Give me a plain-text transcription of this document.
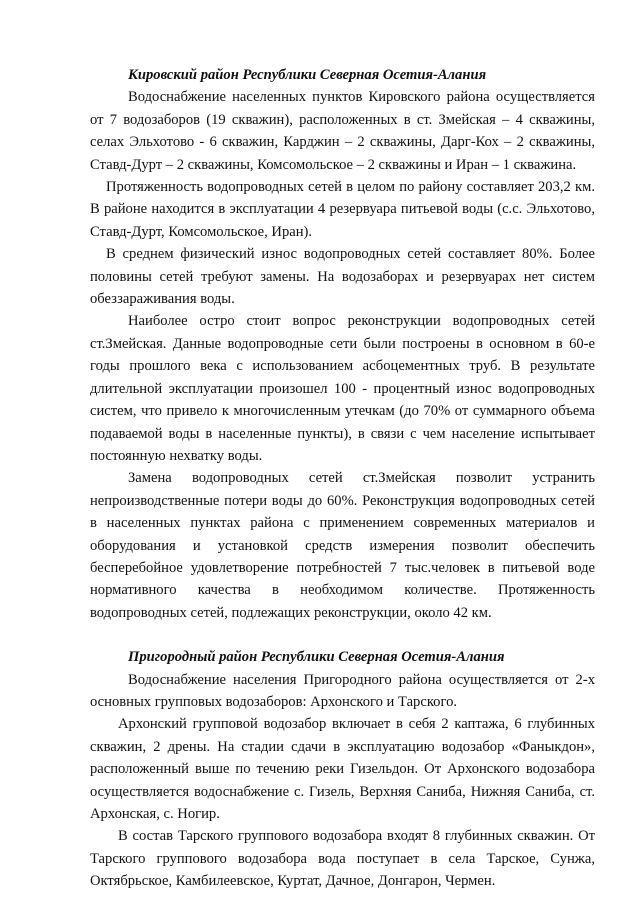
Кировский район Республики Северная Осетия-Алания

Водоснабжение населенных пунктов Кировского района осуществляется от 7 водозаборов (19 скважин), расположенных в ст. Змейская – 4 скважины, селах Эльхотово - 6 скважин, Карджин – 2 скважины, Дарг-Кох – 2 скважины, Ставд-Дурт – 2 скважины, Комсомольское – 2 скважины и Иран – 1 скважина.

Протяженность водопроводных сетей в целом по району составляет 203,2 км. В районе находится в эксплуатации 4 резервуара питьевой воды (с.с. Эльхотово, Ставд-Дурт, Комсомольское, Иран).

В среднем физический износ водопроводных сетей составляет 80%. Более половины сетей требуют замены. На водозаборах и резервуарах нет систем обеззараживания воды.

Наиболее остро стоит вопрос реконструкции водопроводных сетей ст.Змейская. Данные водопроводные сети были построены в основном в 60-е годы прошлого века с использованием асбоцементных труб. В результате длительной эксплуатации произошел 100 - процентный износ водопроводных систем, что привело к многочисленным утечкам (до 70% от суммарного объема подаваемой воды в населенные пункты), в связи с чем население испытывает постоянную нехватку воды.

Замена водопроводных сетей ст.Змейская позволит устранить непроизводственные потери воды до 60%. Реконструкция водопроводных сетей в населенных пунктах района с применением современных материалов и оборудования и установкой средств измерения позволит обеспечить бесперебойное удовлетворение потребностей 7 тыс.человек в питьевой воде нормативного качества в необходимом количестве. Протяженность водопроводных сетей, подлежащих реконструкции, около 42 км.

Пригородный район Республики Северная Осетия-Алания

Водоснабжение населения Пригородного района осуществляется от 2-х основных групповых водозаборов: Архонского и Тарского.

Архонский групповой водозабор включает в себя 2 каптажа, 6 глубинных скважин, 2 дрены. На стадии сдачи в эксплуатацию водозабор «Фаныкдон», расположенный выше по течению реки Гизельдон. От Архонского водозабора осуществляется водоснабжение с. Гизель, Верхняя Саниба, Нижняя Саниба, ст. Архонская, с. Ногир.

В состав Тарского группового водозабора входят 8 глубинных скважин. От Тарского группового водозабора вода поступает в села Тарское, Сунжа, Октябрьское, Камбилеевское, Куртат, Дачное, Донгарон, Чермен.
